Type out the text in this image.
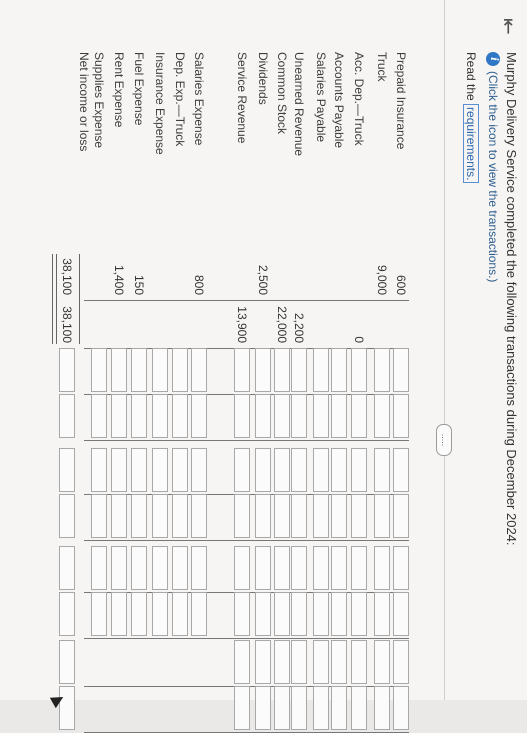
⇤
Murphy Delivery Service completed the following transactions during December 2024:
i
(Click the icon to view the transactions.)
Read the requirements.
.....
Prepaid Insurance
Truck
Acc. Dep.—Truck
Accounts Payable
Salaries Payable
Unearned Revenue
Common Stock
Dividends
Service Revenue
Salaries Expense
Dep. Exp.—Truck
Insurance Expense
Fuel Expense
Rent Expense
Supplies Expense
600
9,000
2,500
800
150
1,400
0
2,200
22,000
13,900
38,100
38,100
Net income or loss
